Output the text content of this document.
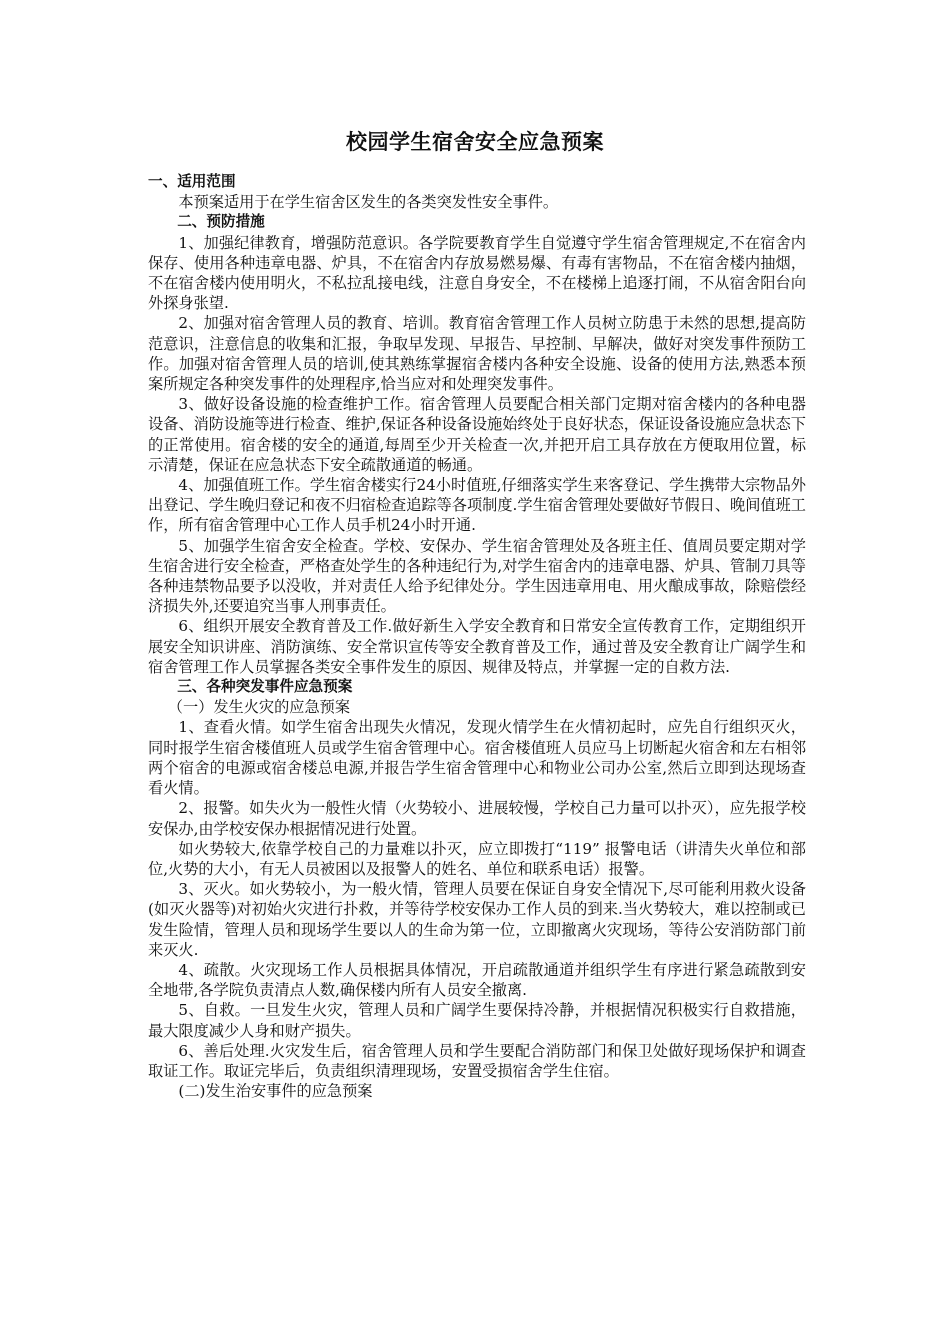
校园学生宿舍安全应急预案

一、适用范围

本预案适用于在学生宿舍区发生的各类突发性安全事件。

二、预防措施

1、加强纪律教育，增强防范意识。各学院要教育学生自觉遵守学生宿舍管理规定,不在宿舍内保存、使用各种违章电器、炉具，不在宿舍内存放易燃易爆、有毒有害物品，不在宿舍楼内抽烟，不在宿舍楼内使用明火，不私拉乱接电线，注意自身安全，不在楼梯上追逐打闹，不从宿舍阳台向外探身张望.

2、加强对宿舍管理人员的教育、培训。教育宿舍管理工作人员树立防患于未然的思想,提高防范意识，注意信息的收集和汇报，争取早发现、早报告、早控制、早解决，做好对突发事件预防工作。加强对宿舍管理人员的培训,使其熟练掌握宿舍楼内各种安全设施、设备的使用方法,熟悉本预案所规定各种突发事件的处理程序,恰当应对和处理突发事件。

3、做好设备设施的检查维护工作。宿舍管理人员要配合相关部门定期对宿舍楼内的各种电器设备、消防设施等进行检查、维护,保证各种设备设施始终处于良好状态，保证设备设施应急状态下的正常使用。宿舍楼的安全的通道,每周至少开关检查一次,并把开启工具存放在方便取用位置，标示清楚，保证在应急状态下安全疏散通道的畅通。

4、加强值班工作。学生宿舍楼实行24小时值班,仔细落实学生来客登记、学生携带大宗物品外出登记、学生晚归登记和夜不归宿检查追踪等各项制度.学生宿舍管理处要做好节假日、晚间值班工作，所有宿舍管理中心工作人员手机24小时开通.

5、加强学生宿舍安全检查。学校、安保办、学生宿舍管理处及各班主任、值周员要定期对学生宿舍进行安全检查，严格查处学生的各种违纪行为,对学生宿舍内的违章电器、炉具、管制刀具等各种违禁物品要予以没收，并对责任人给予纪律处分。学生因违章用电、用火酿成事故，除赔偿经济损失外,还要追究当事人刑事责任。

6、组织开展安全教育普及工作.做好新生入学安全教育和日常安全宣传教育工作，定期组织开展安全知识讲座、消防演练、安全常识宣传等安全教育普及工作，通过普及安全教育让广阔学生和宿舍管理工作人员掌握各类安全事件发生的原因、规律及特点，并掌握一定的自救方法.

三、各种突发事件应急预案

（一）发生火灾的应急预案

1、查看火情。如学生宿舍出现失火情况，发现火情学生在火情初起时，应先自行组织灭火，同时报学生宿舍楼值班人员或学生宿舍管理中心。宿舍楼值班人员应马上切断起火宿舍和左右相邻两个宿舍的电源或宿舍楼总电源,并报告学生宿舍管理中心和物业公司办公室,然后立即到达现场查看火情。

2、报警。如失火为一般性火情（火势较小、进展较慢，学校自己力量可以扑灭），应先报学校安保办,由学校安保办根据情况进行处置。

如火势较大,依靠学校自己的力量难以扑灭，应立即拨打“119” 报警电话（讲清失火单位和部位,火势的大小，有无人员被困以及报警人的姓名、单位和联系电话）报警。

3、灭火。如火势较小，为一般火情，管理人员要在保证自身安全情况下,尽可能利用救火设备(如灭火器等)对初始火灾进行扑救，并等待学校安保办工作人员的到来.当火势较大，难以控制或已发生险情，管理人员和现场学生要以人的生命为第一位，立即撤离火灾现场，等待公安消防部门前来灭火.

4、疏散。火灾现场工作人员根据具体情况，开启疏散通道并组织学生有序进行紧急疏散到安全地带,各学院负责清点人数,确保楼内所有人员安全撤离.

5、自救。一旦发生火灾，管理人员和广阔学生要保持冷静，并根据情况积极实行自救措施，最大限度减少人身和财产损失。

6、善后处理.火灾发生后，宿舍管理人员和学生要配合消防部门和保卫处做好现场保护和调查取证工作。取证完毕后，负责组织清理现场，安置受损宿舍学生住宿。

(二)发生治安事件的应急预案
